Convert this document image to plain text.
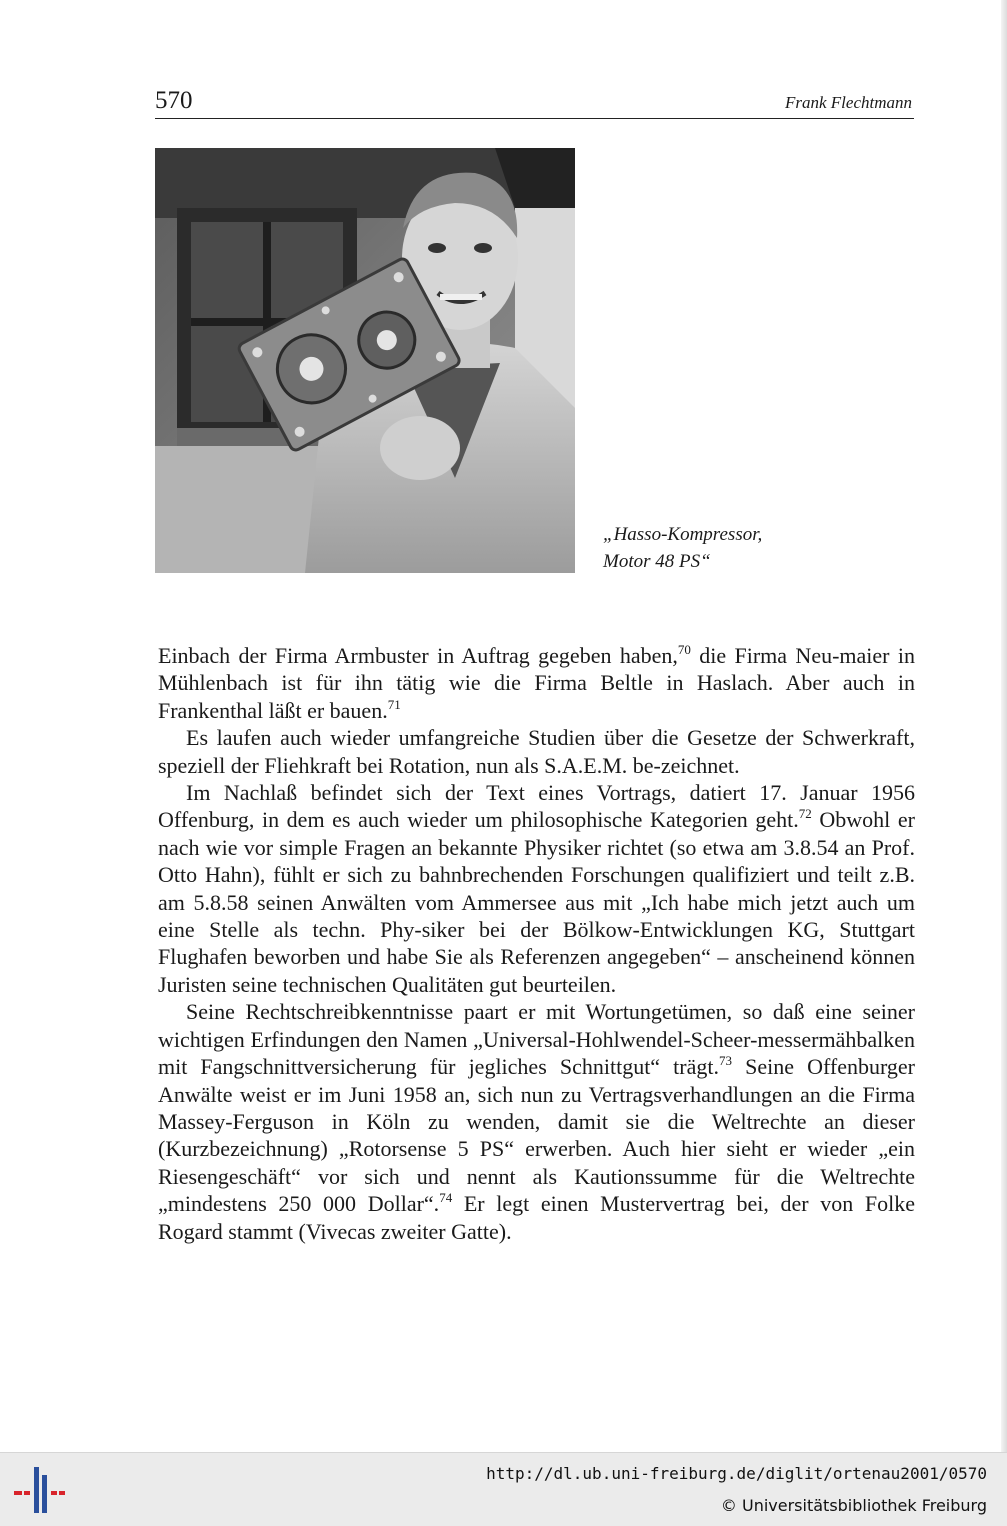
570	Frank Flechtmann
„Hasso-Kompressor,
Motor 48 PS“

Einbach der Firma Armbuster in Auftrag gegeben haben,$^{70}$ die Firma Neu-maier in Mühlenbach ist für ihn tätig wie die Firma Beltle in Haslach. Aber auch in Frankenthal läßt er bauen.$^{71}$

Es laufen auch wieder umfangreiche Studien über die Gesetze der Schwerkraft, speziell der Fliehkraft bei Rotation, nun als S.A.E.M. be-zeichnet.

Im Nachlaß befindet sich der Text eines Vortrags, datiert 17. Januar 1956 Offenburg, in dem es auch wieder um philosophische Kategorien geht.$^{72}$ Obwohl er nach wie vor simple Fragen an bekannte Physiker richtet (so etwa am 3.8.54 an Prof. Otto Hahn), fühlt er sich zu bahnbrechenden Forschungen qualifiziert und teilt z.B. am 5.8.58 seinen Anwälten vom Ammersee aus mit „Ich habe mich jetzt auch um eine Stelle als techn. Phy-siker bei der Bölkow-Entwicklungen KG, Stuttgart Flughafen beworben und habe Sie als Referenzen angegeben“ – anscheinend können Juristen seine technischen Qualitäten gut beurteilen.

Seine Rechtschreibkenntnisse paart er mit Wortungetümen, so daß eine seiner wichtigen Erfindungen den Namen „Universal-Hohlwendel-Scheer-messermähbalken mit Fangschnittversicherung für jegliches Schnittgut“ trägt.$^{73}$ Seine Offenburger Anwälte weist er im Juni 1958 an, sich nun zu Vertragsverhandlungen an die Firma Massey-Ferguson in Köln zu wenden, damit sie die Weltrechte an dieser (Kurzbezeichnung) „Rotorsense 5 PS“ erwerben. Auch hier sieht er wieder „ein Riesengeschäft“ vor sich und nennt als Kautionssumme für die Weltrechte „mindestens 250 000 Dollar“.$^{74}$ Er legt einen Mustervertrag bei, der von Folke Rogard stammt (Vivecas zweiter Gatte).

http://dl.ub.uni-freiburg.de/diglit/ortenau2001/0570
© Universitätsbibliothek Freiburg
